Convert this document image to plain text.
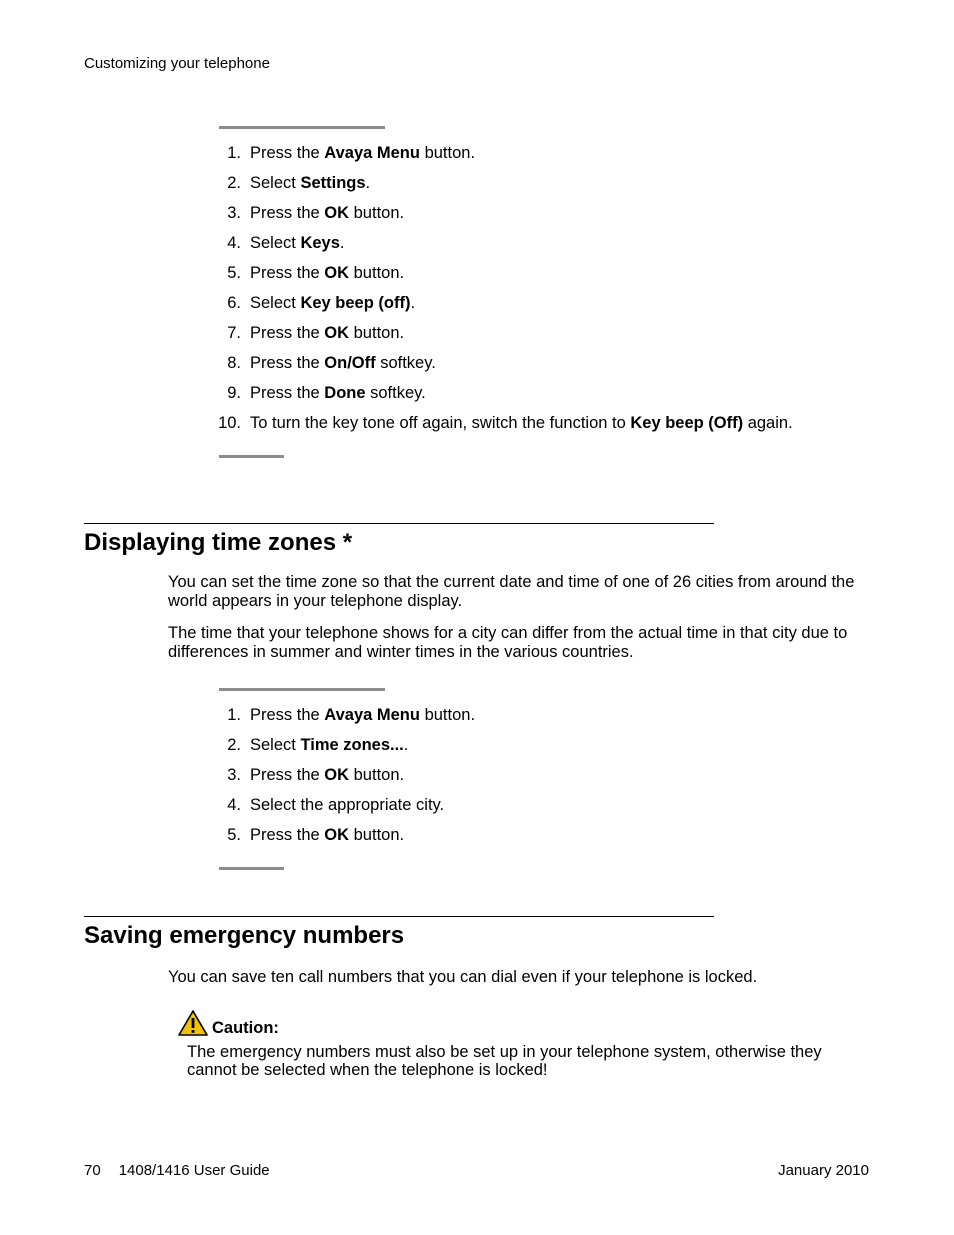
Customizing your telephone
1. Press the Avaya Menu button.
2. Select Settings.
3. Press the OK button.
4. Select Keys.
5. Press the OK button.
6. Select Key beep (off).
7. Press the OK button.
8. Press the On/Off softkey.
9. Press the Done softkey.
10. To turn the key tone off again, switch the function to Key beep (Off) again.
Displaying time zones *

You can set the time zone so that the current date and time of one of 26 cities from around the world appears in your telephone display.

The time that your telephone shows for a city can differ from the actual time in that city due to differences in summer and winter times in the various countries.

1. Press the Avaya Menu button.
2. Select Time zones....
3. Press the OK button.
4. Select the appropriate city.
5. Press the OK button.
Saving emergency numbers

You can save ten call numbers that you can dial even if your telephone is locked.

Caution:

The emergency numbers must also be set up in your telephone system, otherwise they cannot be selected when the telephone is locked!

70 1408/1416 User Guide	January 2010
